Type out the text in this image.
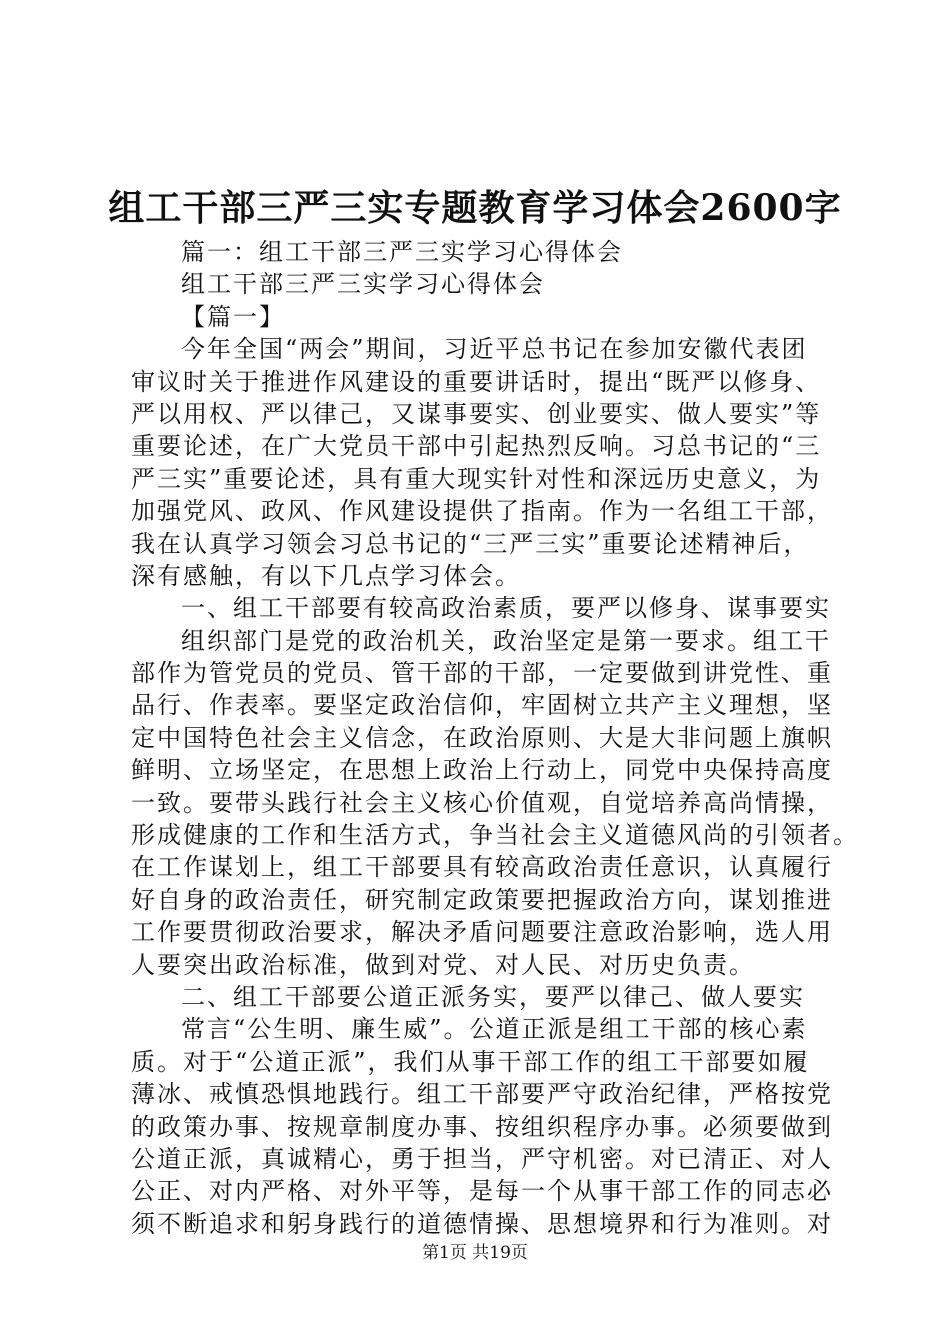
组工干部三严三实专题教育学习体会2600字
篇一：组工干部三严三实学习心得体会
组工干部三严三实学习心得体会
【篇一】
今年全国“两会”期间，习近平总书记在参加安徽代表团
审议时关于推进作风建设的重要讲话时，提出“既严以修身、
严以用权、严以律己，又谋事要实、创业要实、做人要实”等
重要论述，在广大党员干部中引起热烈反响。习总书记的“三
严三实”重要论述，具有重大现实针对性和深远历史意义，为
加强党风、政风、作风建设提供了指南。作为一名组工干部，
我在认真学习领会习总书记的“三严三实”重要论述精神后，
深有感触，有以下几点学习体会。
一、组工干部要有较高政治素质，要严以修身、谋事要实
组织部门是党的政治机关，政治坚定是第一要求。组工干
部作为管党员的党员、管干部的干部，一定要做到讲党性、重
品行、作表率。要坚定政治信仰，牢固树立共产主义理想，坚
定中国特色社会主义信念，在政治原则、大是大非问题上旗帜
鲜明、立场坚定，在思想上政治上行动上，同党中央保持高度
一致。要带头践行社会主义核心价值观，自觉培养高尚情操，
形成健康的工作和生活方式，争当社会主义道德风尚的引领者。
在工作谋划上，组工干部要具有较高政治责任意识，认真履行
好自身的政治责任，研究制定政策要把握政治方向，谋划推进
工作要贯彻政治要求，解决矛盾问题要注意政治影响，选人用
人要突出政治标准，做到对党、对人民、对历史负责。
二、组工干部要公道正派务实，要严以律己、做人要实
常言“公生明、廉生威”。公道正派是组工干部的核心素
质。对于“公道正派”，我们从事干部工作的组工干部要如履
薄冰、戒慎恐惧地践行。组工干部要严守政治纪律，严格按党
的政策办事、按规章制度办事、按组织程序办事。必须要做到
公道正派，真诚精心，勇于担当，严守机密。对已清正、对人
公正、对内严格、对外平等，是每一个从事干部工作的同志必
须不断追求和躬身践行的道德情操、思想境界和行为准则。对
第1页 共19页
